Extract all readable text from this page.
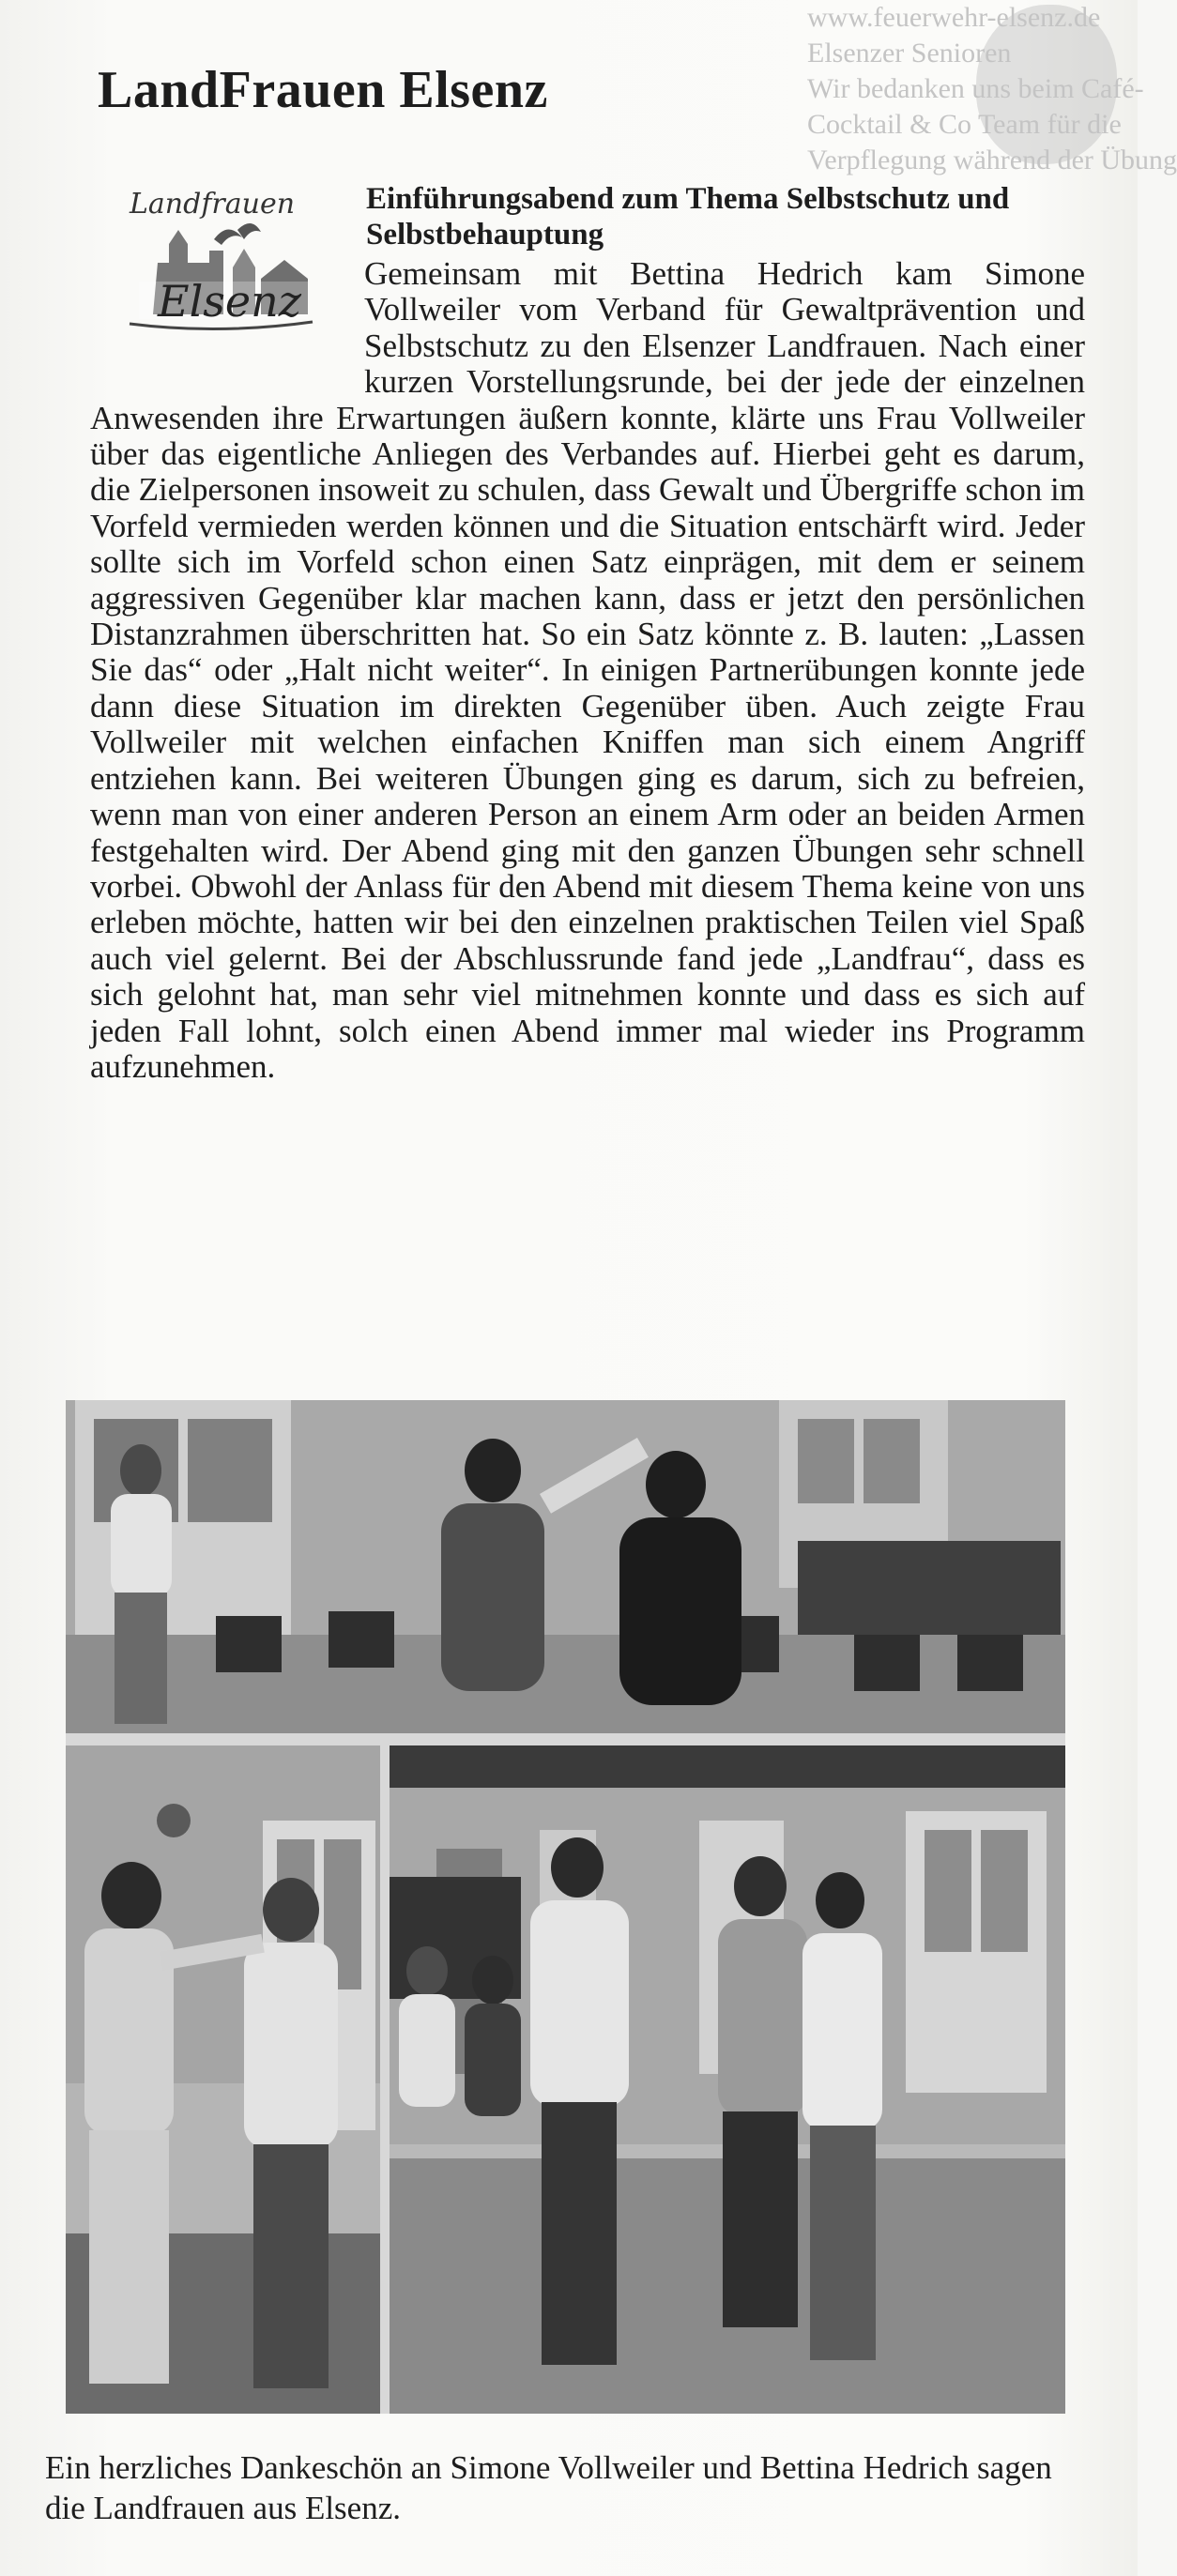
www.feuerwehr-elsenz.de
Elsenzer Senioren
Wir bedanken uns beim Café-
Cocktail & Co Team für die
Verpflegung während der Übung
LandFrauen Elsenz
Landfrauen
Elsenz
Einführungsabend zum Thema Selbstschutz und Selbstbehauptung
Gemeinsam mit Bettina Hedrich kam Simone Vollweiler vom Verband für Gewaltprävention und Selbstschutz zu den Elsenzer Landfrauen. Nach einer kurzen Vorstellungsrunde, bei der jede der einzelnen Anwesenden ihre Erwartungen äußern konnte, klärte uns Frau Vollweiler über das eigentliche Anliegen des Verbandes auf. Hierbei geht es darum, die Zielpersonen insoweit zu schulen, dass Gewalt und Übergriffe schon im Vorfeld vermieden werden können und die Situation entschärft wird. Jeder sollte sich im Vorfeld schon einen Satz einprägen, mit dem er seinem aggressiven Gegenüber klar machen kann, dass er jetzt den persönlichen Distanzrahmen überschritten hat. So ein Satz könnte z. B. lauten: „Lassen Sie das“ oder „Halt nicht weiter“. In einigen Partnerübungen konnte jede dann diese Situation im direkten Gegenüber üben. Auch zeigte Frau Vollweiler mit welchen einfachen Kniffen man sich einem Angriff entziehen kann. Bei weiteren Übungen ging es darum, sich zu befreien, wenn man von einer anderen Person an einem Arm oder an beiden Armen festgehalten wird. Der Abend ging mit den ganzen Übungen sehr schnell vorbei. Obwohl der Anlass für den Abend mit diesem Thema keine von uns erleben möchte, hatten wir bei den einzelnen praktischen Teilen viel Spaß auch viel gelernt. Bei der Abschlussrunde fand jede „Landfrau“, dass es sich gelohnt hat, man sehr viel mitnehmen konnte und dass es sich auf jeden Fall lohnt, solch einen Abend immer mal wieder ins Programm aufzunehmen.

Ein herzliches Dankeschön an Simone Vollweiler und Bettina Hedrich sagen die Landfrauen aus Elsenz.
